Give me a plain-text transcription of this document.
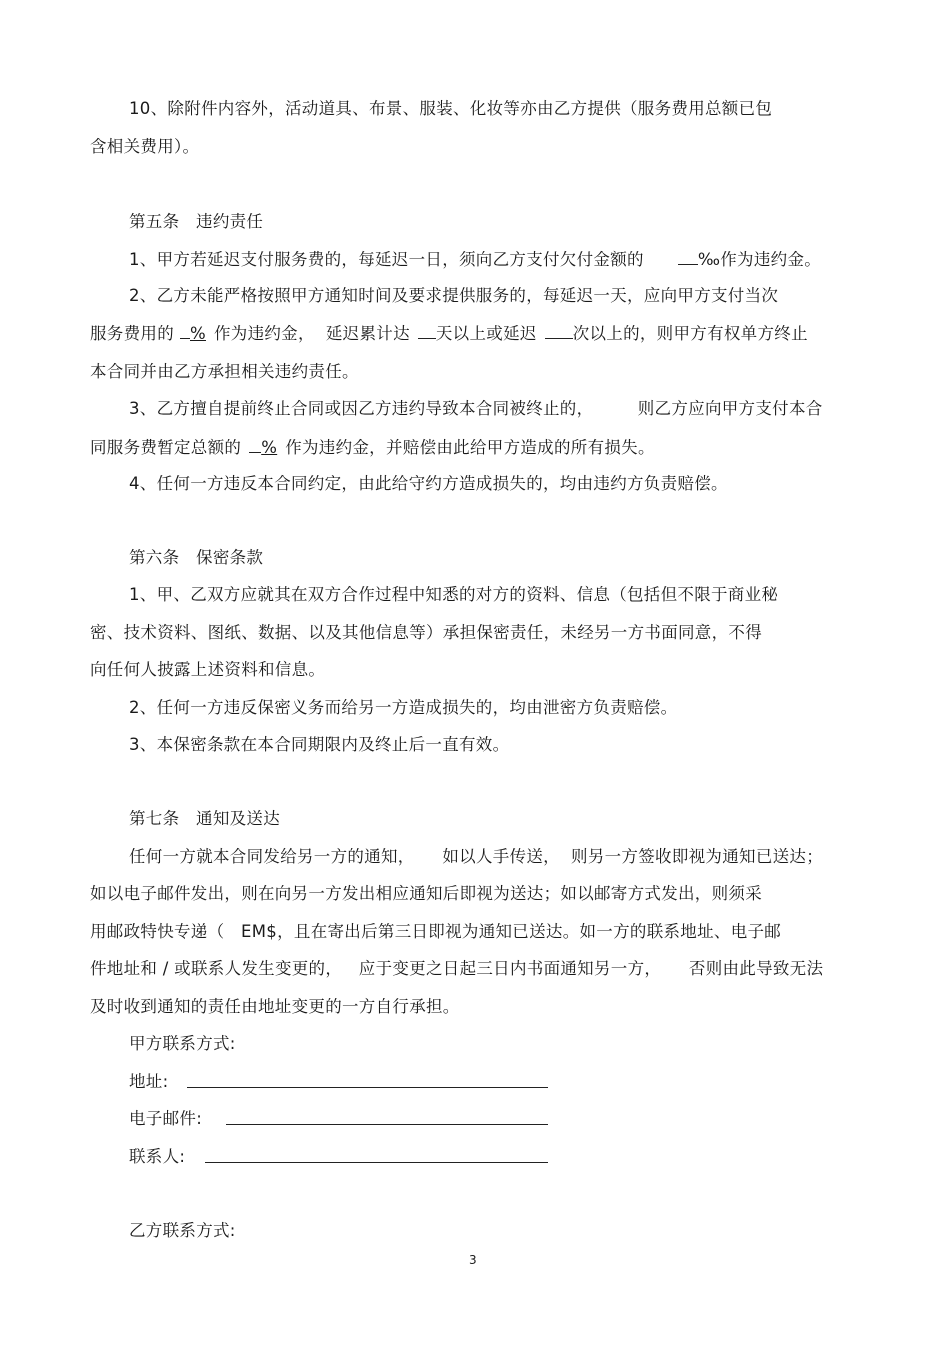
10、除附件内容外，活动道具、布景、服装、化妆等亦由乙方提供（服务费用总额已包
含相关费用）。
第五条   违约责任
1、甲方若延迟支付服务费的，每延迟一日，须向乙方支付欠付金额的	‰作为违约金。
2、乙方未能严格按照甲方通知时间及要求提供服务的，每延迟一天，应向甲方支付当次
服务费用的 % 作为违约金，  延迟累计达 天以上或延迟 次以上的，则甲方有权单方终止
本合同并由乙方承担相关违约责任。
3、乙方擅自提前终止合同或因乙方违约导致本合同被终止的，        则乙方应向甲方支付本合
同服务费暂定总额的 % 作为违约金，并赔偿由此给甲方造成的所有损失。
4、任何一方违反本合同约定，由此给守约方造成损失的，均由违约方负责赔偿。
第六条   保密条款
1、甲、乙双方应就其在双方合作过程中知悉的对方的资料、信息（包括但不限于商业秘
密、技术资料、图纸、数据、以及其他信息等）承担保密责任，未经另一方书面同意，不得
向任何人披露上述资料和信息。
2、任何一方违反保密义务而给另一方造成损失的，均由泄密方负责赔偿。
3、本保密条款在本合同期限内及终止后一直有效。
第七条   通知及送达
任何一方就本合同发给另一方的通知，     如以人手传送，  则另一方签收即视为通知已送达；
如以电子邮件发出，则在向另一方发出相应通知后即视为送达；如以邮寄方式发出，则须采
用邮政特快专递（   EM$，且在寄出后第三日即视为通知已送达。如一方的联系地址、电子邮
件地址和 / 或联系人发生变更的，   应于变更之日起三日内书面通知另一方，     否则由此导致无法
及时收到通知的责任由地址变更的一方自行承担。
甲方联系方式:
地址:
电子邮件:
联系人:
乙方联系方式:
3
